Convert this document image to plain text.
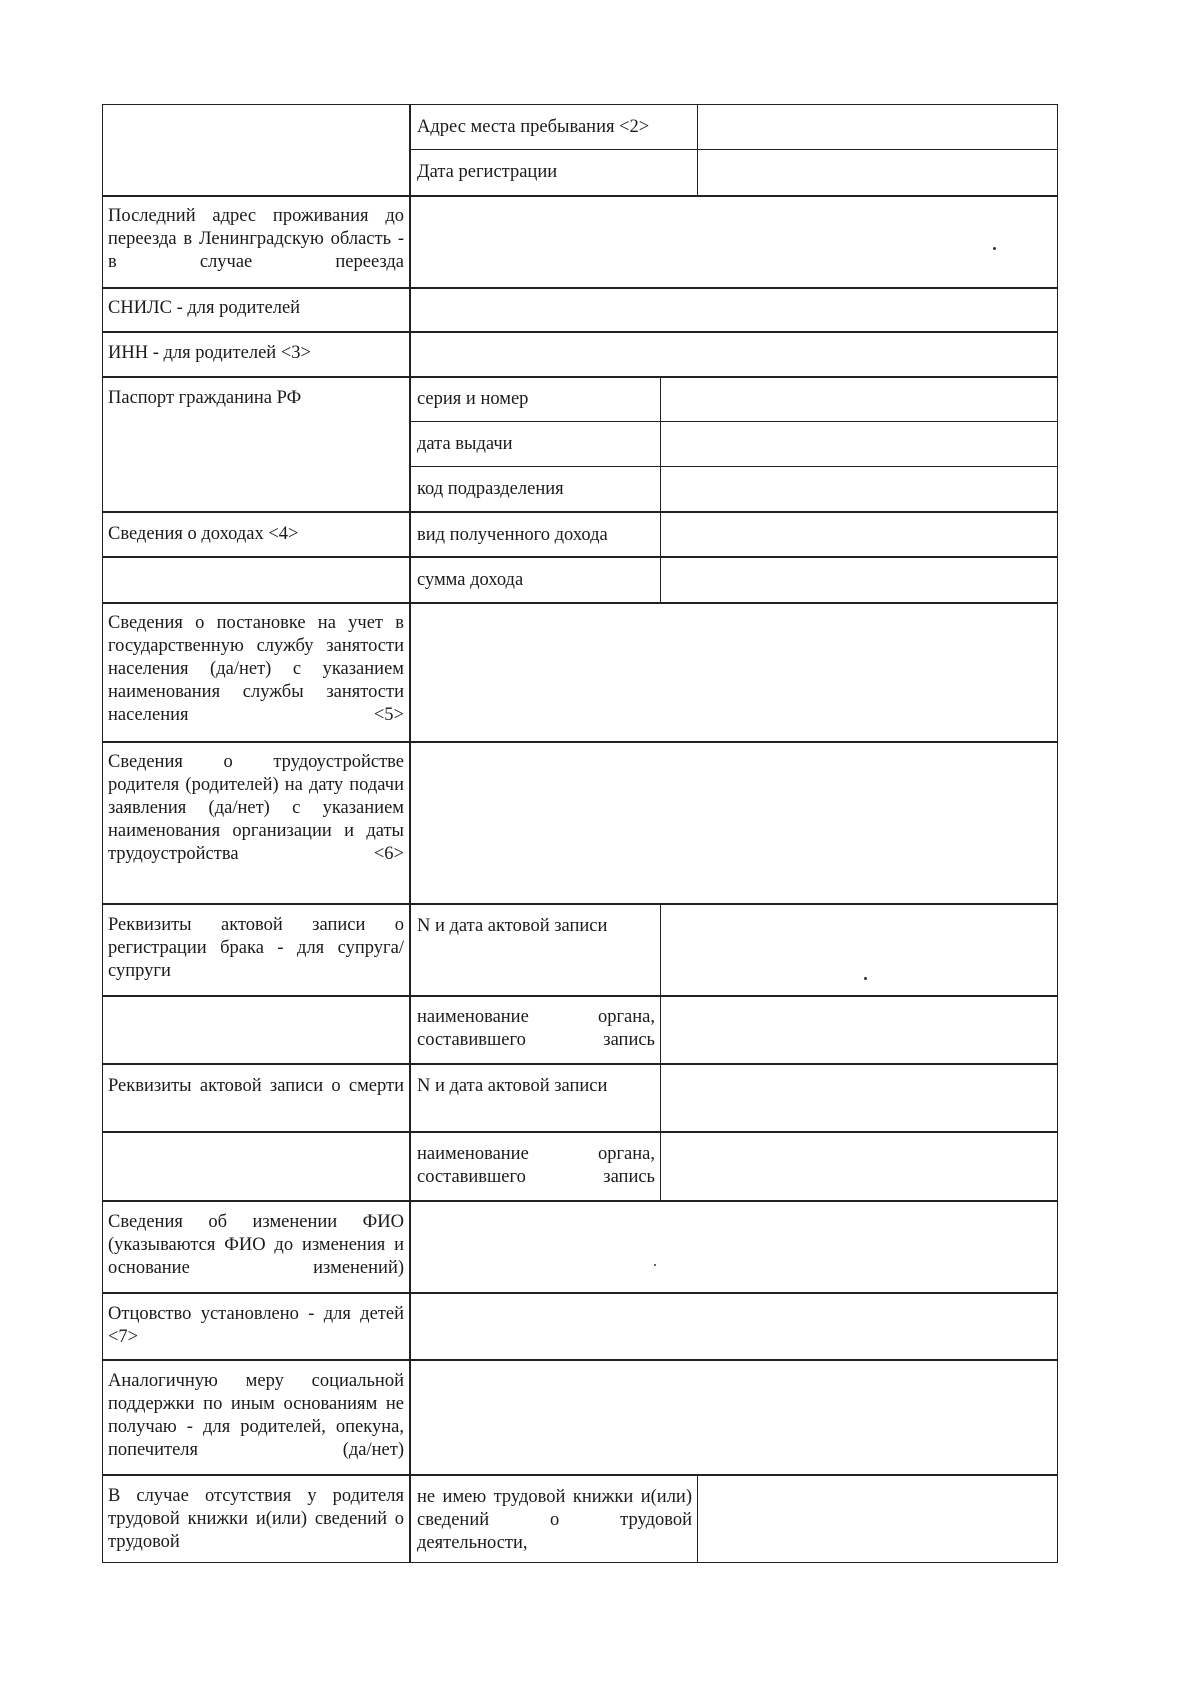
Адрес места пребывания <2>
Дата регистрации
Последний адрес проживания до переезда в Ленинградскую область - в случае переезда
СНИЛС - для родителей
ИНН - для родителей <3>
Паспорт гражданина РФ	серия и номер
дата выдачи
код подразделения
Сведения о доходах <4>	вид полученного дохода
сумма дохода
Сведения о постановке на учет в государственную службу занятости населения (да/нет) с указанием наименования службы занятости населения <5>
Сведения о трудоустройстве родителя (родителей) на дату подачи заявления (да/нет) с указанием наименования организации и даты трудоустройства <6>
Реквизиты актовой записи о регистрации брака - для супруга/супруги
N и дата актовой записи
наименование органа, составившего запись
Реквизиты актовой записи о смерти N и дата актовой записи
наименование органа, составившего запись
Сведения об изменении ФИО (указываются ФИО до изменения и основание изменений)
Отцовство установлено - для детей <7>
Аналогичную меру социальной поддержки по иным основаниям не получаю - для родителей, опекуна, попечителя (да/нет)
В случае отсутствия у родителя трудовой книжки и(или) сведений о трудовой
не имею трудовой книжки и(или) сведений о трудовой деятельности,
